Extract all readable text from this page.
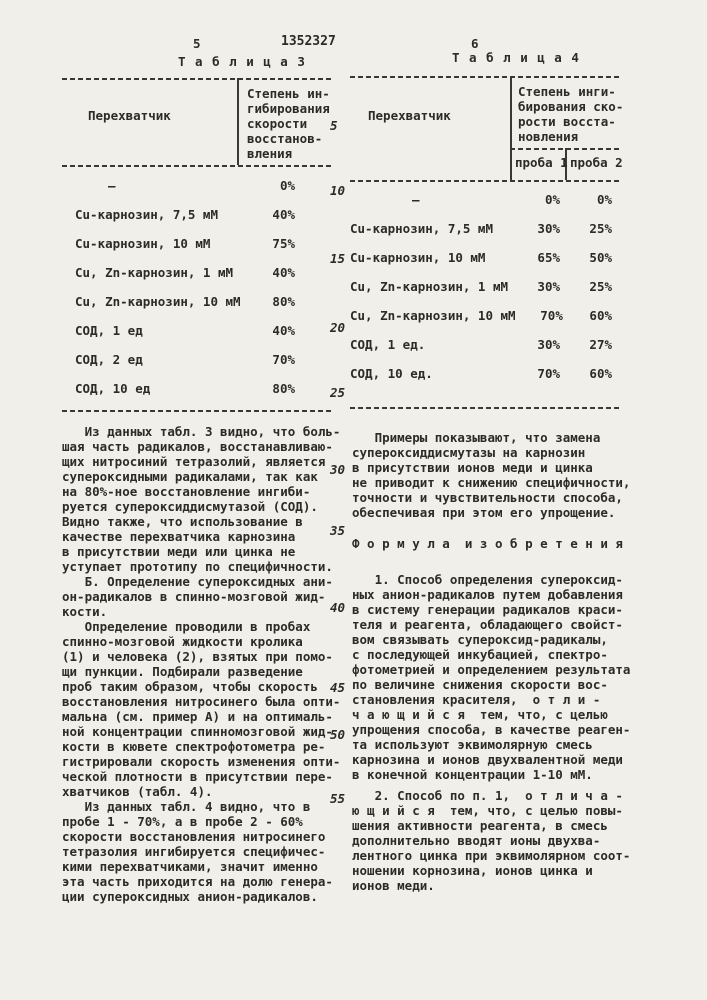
5	1352327	6
Т а б л и ц а 3
Перехватчик
Степень ин-
гибирования
скорости
восстанов-
вления
–	0%
Cu-карнозин, 7,5 мМ	40%
Cu-карнозин, 10 мМ	75%
Cu, Zn-карнозин, 1 мМ	40%
Cu, Zn-карнозин, 10 мМ	80%
СОД, 1 ед	40%
СОД, 2 ед	70%
СОД, 10 ед	80%
Т а б л и ц а 4
Перехватчик
Степень инги-
бирования ско-
рости восста-
новления
проба 1 проба 2
–	0%	0%
Cu-карнозин, 7,5 мМ	30%	25%
Cu-карнозин, 10 мМ	65%	50%
Cu, Zn-карнозин, 1 мМ	30%	25%
Cu, Zn-карнозин, 10 мМ	70%	60%
СОД, 1 ед.	30%	27%
СОД, 10 ед.	70%	60%
5
10
15
20
25
30
35
40
45
50
55
Из данных табл. 3 видно, что боль-
шая часть радикалов, восстанавливаю-
щих нитросиний тетразолий, является
супероксидными радикалами, так как
на 80%-ное восстановление ингиби-
руется супероксиддисмутазой (СОД).
Видно также, что использование в
качестве перехватчика карнозина
в присутствии меди или цинка не
уступает прототипу по специфичности.
Б. Определение супероксидных ани-
он-радикалов в спинно-мозговой жид-
кости.
Определение проводили в пробах
спинно-мозговой жидкости кролика
(1) и человека (2), взятых при помо-
щи пункции. Подбирали разведение
проб таким образом, чтобы скорость
восстановления нитросинего была опти-
мальна (см. пример А) и на оптималь-
ной концентрации спинномозговой жид-
кости в кювете спектрофотометра ре-
гистрировали скорость изменения опти-
ческой плотности в присутствии пере-
хватчиков (табл. 4).
Из данных табл. 4 видно, что в
пробе 1 - 70%, а в пробе 2 - 60%
скорости восстановления нитросинего
тетразолия ингибируется специфичес-
кими перехватчиками, значит именно
эта часть приходится на долю генера-
ции супероксидных анион-радикалов.
Примеры показывают, что замена
супероксиддисмутазы на карнозин
в присутствии ионов меди и цинка
не приводит к снижению специфичности,
точности и чувствительности способа,
обеспечивая при этом его упрощение.
Ф о р м у л а  и з о б р е т е н и я
1. Способ определения супероксид-
ных анион-радикалов путем добавления
в систему генерации радикалов краси-
теля и реагента, обладающего свойст-
вом связывать супероксид-радикалы,
с последующей инкубацией, спектро-
фотометрией и определением результата
по величине снижения скорости вос-
становления красителя,  о т л и -
ч а ю щ и й с я  тем, что, с целью
упрощения способа, в качестве реаген-
та используют эквимолярную смесь
карнозина и ионов двухвалентной меди
в конечной концентрации 1-10 мМ.
2. Способ по п. 1,  о т л и ч а -
ю щ и й с я  тем, что, с целью повы-
шения активности реагента, в смесь
дополнительно вводят ионы двухва-
лентного цинка при эквимолярном соот-
ношении корнозина, ионов цинка и
ионов меди.
